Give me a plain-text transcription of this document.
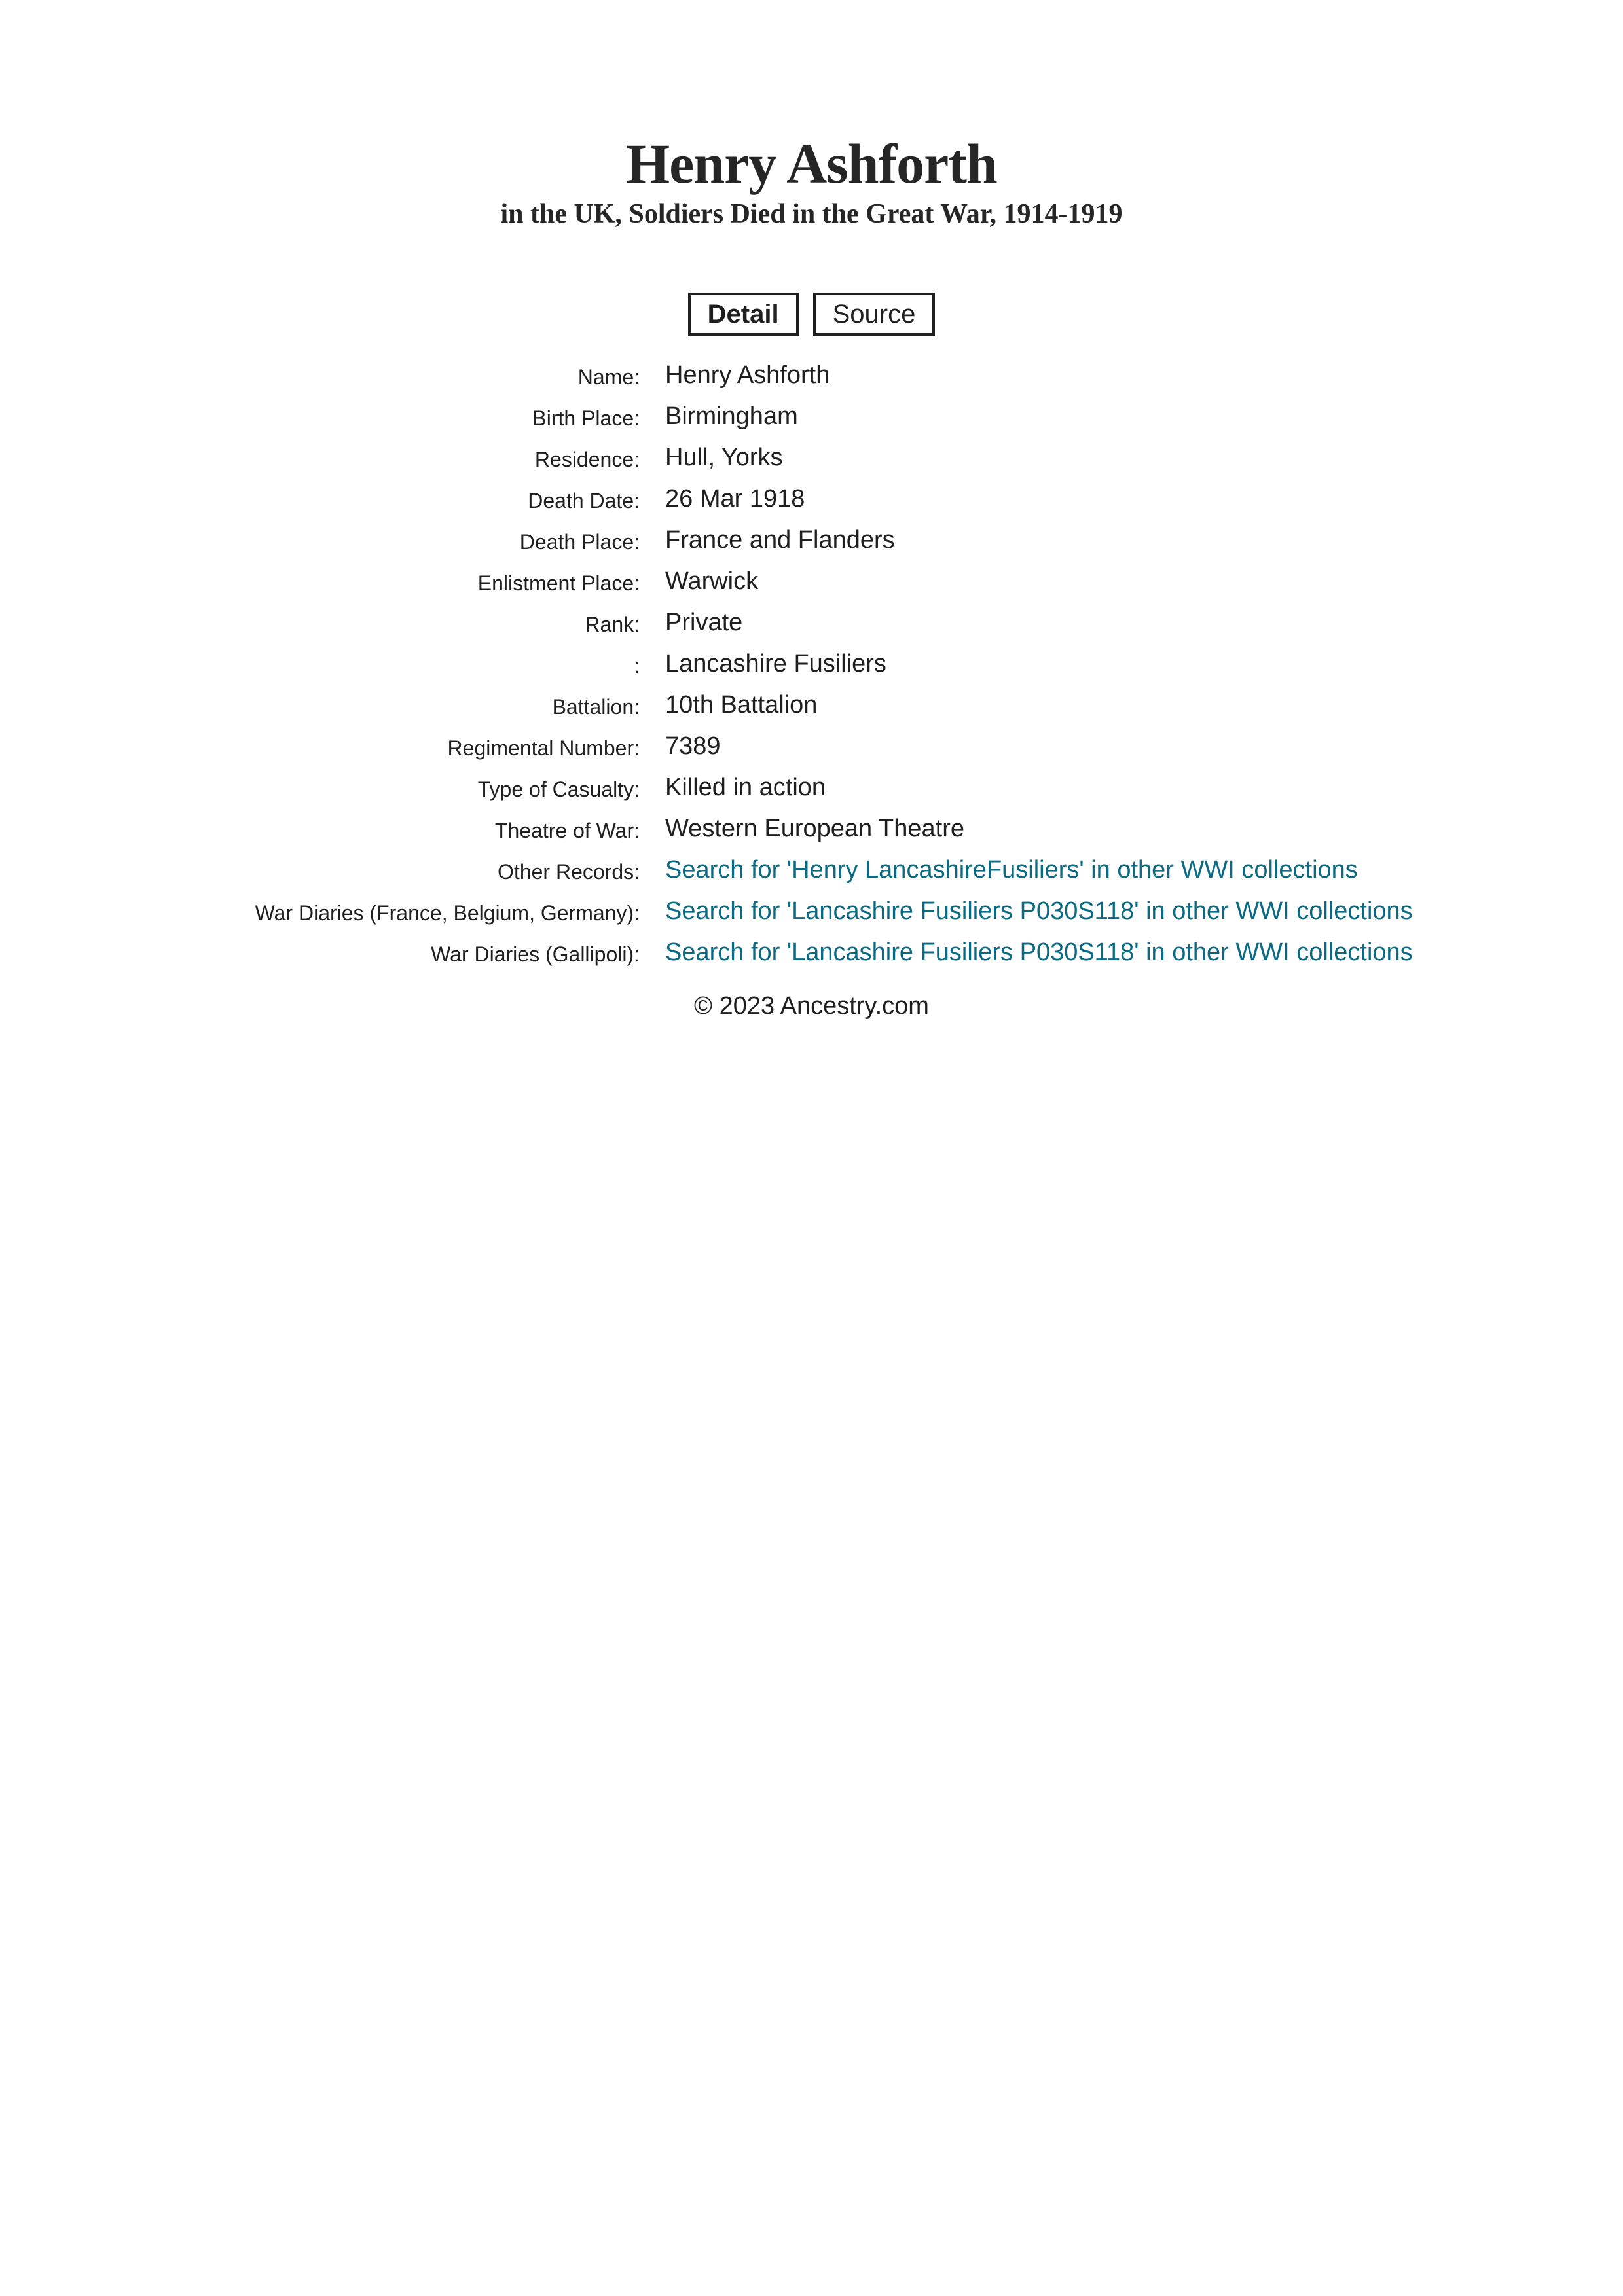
Henry Ashforth
in the UK, Soldiers Died in the Great War, 1914-1919
Detail	Source
Name: Henry Ashforth
Birth Place: Birmingham
Residence: Hull, Yorks
Death Date: 26 Mar 1918
Death Place: France and Flanders
Enlistment Place: Warwick
Rank: Private
: Lancashire Fusiliers
Battalion: 10th Battalion
Regimental Number: 7389
Type of Casualty: Killed in action
Theatre of War: Western European Theatre
Other Records: Search for 'Henry LancashireFusiliers' in other WWI collections
War Diaries (France, Belgium, Germany): Search for 'Lancashire Fusiliers P030S118' in other WWI collections
War Diaries (Gallipoli): Search for 'Lancashire Fusiliers P030S118' in other WWI collections
© 2023 Ancestry.com
